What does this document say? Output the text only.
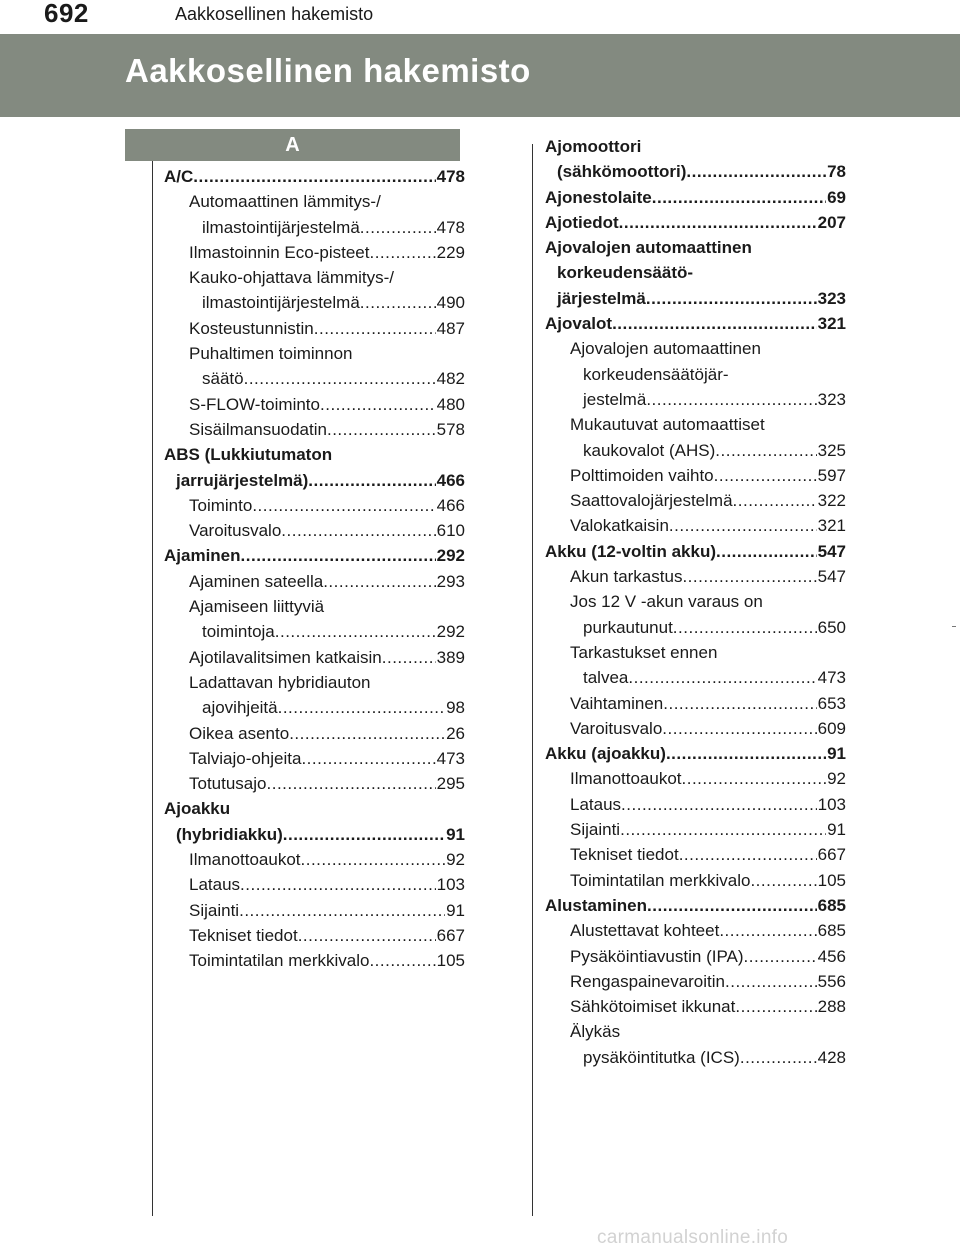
692	Aakkosellinen hakemisto
Aakkosellinen hakemisto
A
A/C .....	478
Automaattinen lämmitys-/
ilmastointijärjestelmä .....	478
Ilmastoinnin Eco-pisteet .....	229
Kauko-ohjattava lämmitys-/
ilmastointijärjestelmä .....	490
Kosteustunnistin .....	487
Puhaltimen toiminnon
säätö .....	482
S-FLOW-toiminto .....	480
Sisäilmansuodatin .....	578
ABS (Lukkiutumaton
jarrujärjestelmä) .....	466
Toiminto .....	466
Varoitusvalo .....	610
Ajaminen .....	292
Ajaminen sateella .....	293
Ajamiseen liittyviä
toimintoja .....	292
Ajotilavalitsimen katkaisin .....	389
Ladattavan hybridiauton
ajovihjeitä .....	98
Oikea asento .....	26
Talviajo-ohjeita .....	473
Totutusajo .....	295
Ajoakku
(hybridiakku) .....	91
Ilmanottoaukot .....	92
Lataus .....	103
Sijainti .....	91
Tekniset tiedot .....	667
Toimintatilan merkkivalo .....	105
Ajomoottori
(sähkömoottori) .....	78
Ajonestolaite .....	69
Ajotiedot .....	207
Ajovalojen automaattinen
korkeudensäätö-
järjestelmä .....	323
Ajovalot .....	321
Ajovalojen automaattinen
korkeudensäätöjär-
jestelmä .....	323
Mukautuvat automaattiset
kaukovalot (AHS) .....	325
Polttimoiden vaihto .....	597
Saattovalojärjestelmä .....	322
Valokatkaisin .....	321
Akku (12-voltin akku) .....	547
Akun tarkastus .....	547
Jos 12 V -akun varaus on
purkautunut .....	650
Tarkastukset ennen
talvea .....	473
Vaihtaminen .....	653
Varoitusvalo .....	609
Akku (ajoakku) .....	91
Ilmanottoaukot .....	92
Lataus .....	103
Sijainti .....	91
Tekniset tiedot .....	667
Toimintatilan merkkivalo .....	105
Alustaminen .....	685
Alustettavat kohteet .....	685
Pysäköintiavustin (IPA) .....	456
Rengaspainevaroitin .....	556
Sähkötoimiset ikkunat .....	288
Älykäs
pysäköintitutka (ICS) .....	428
carmanualsonline.info
